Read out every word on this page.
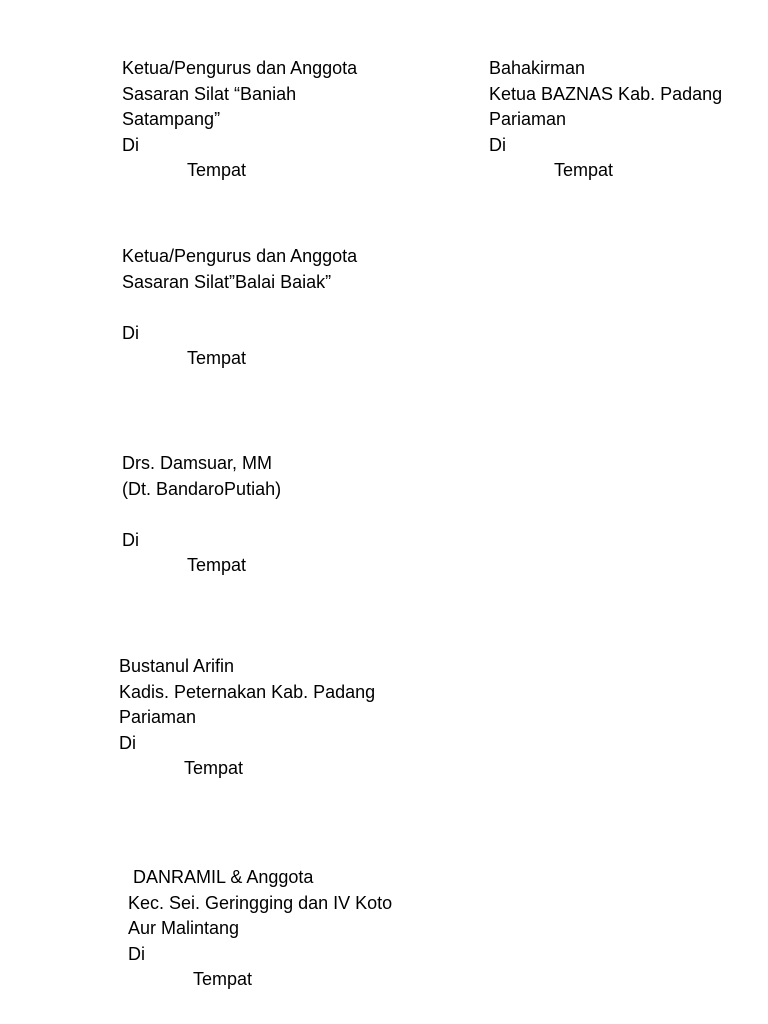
Ketua/Pengurus dan Anggota
Sasaran Silat “Baniah
Satampang”
Di
Tempat
Bahakirman
Ketua BAZNAS Kab. Padang
Pariaman
Di
Tempat
Ketua/Pengurus dan Anggota
Sasaran Silat”Balai Baiak”
Di
Tempat
Drs. Damsuar, MM
(Dt. BandaroPutiah)
Di
Tempat
Bustanul Arifin
Kadis. Peternakan Kab. Padang
Pariaman
Di
Tempat
DANRAMIL & Anggota
Kec. Sei. Geringging dan IV Koto
Aur Malintang
Di
Tempat
